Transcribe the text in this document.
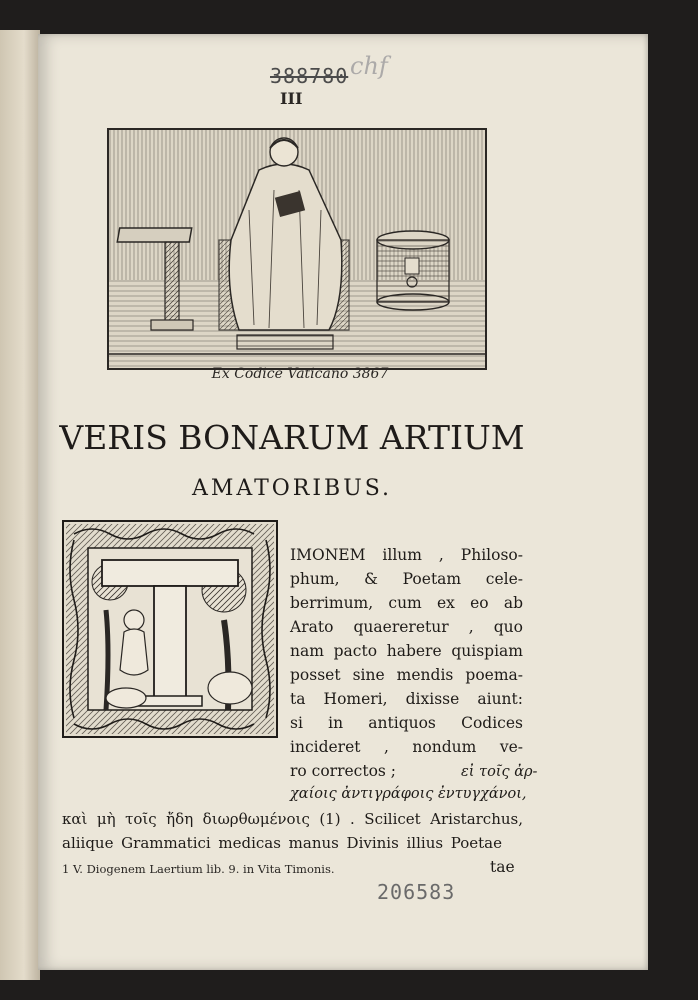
chf
388780
III
Ex Codice Vaticano 3867
VERIS BONARUM ARTIUM
AMATORIBUS.
IMONEM illum , Philoso-
phum, & Poetam cele-
berrimum, cum ex eo ab
Arato quaereretur , quo
nam pacto habere quispiam
posset sine mendis poema-
ta Homeri, dixisse aiunt:
si in antiquos Codices
incideret , nondum ve-
ro correctos ;	εἰ τοῖς ἀρ-
χαίοις ἀντιγράφοις ἐντυγχάνοι,
καὶ μὴ τοῖς ἤδη διωρθωμένοις (1) . Scilicet Aristarchus,
aliique Grammatici medicas manus Divinis illius Poetae
tae
1 V. Diogenem Laertium lib. 9. in Vita Timonis.
206583
